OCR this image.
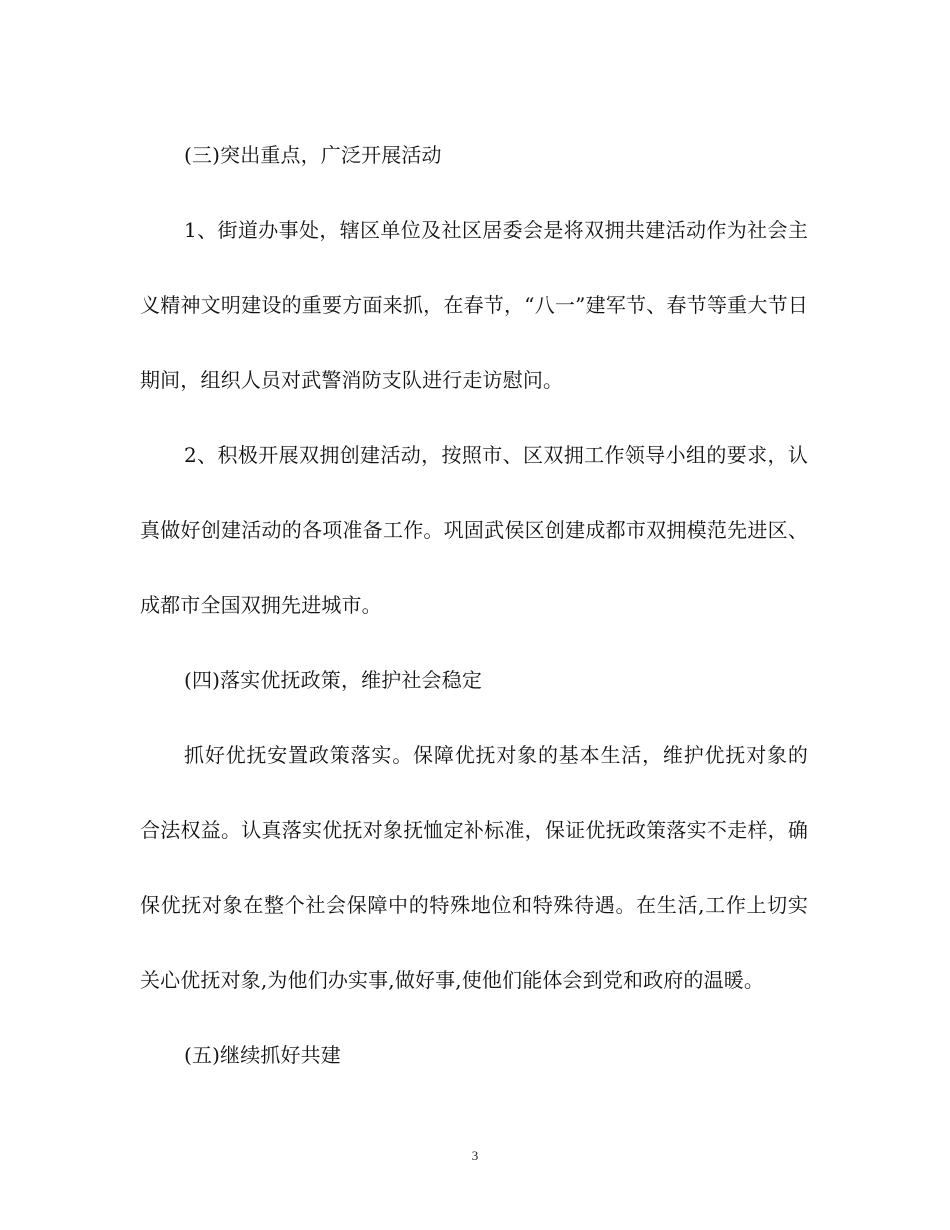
(三)突出重点，广泛开展活动

1、街道办事处，辖区单位及社区居委会是将双拥共建活动作为社会主义精神文明建设的重要方面来抓，在春节，“八一”建军节、春节等重大节日期间，组织人员对武警消防支队进行走访慰问。

2、积极开展双拥创建活动，按照市、区双拥工作领导小组的要求，认真做好创建活动的各项准备工作。巩固武侯区创建成都市双拥模范先进区、成都市全国双拥先进城市。

(四)落实优抚政策，维护社会稳定

抓好优抚安置政策落实。保障优抚对象的基本生活，维护优抚对象的合法权益。认真落实优抚对象抚恤定补标准，保证优抚政策落实不走样，确保优抚对象在整个社会保障中的特殊地位和特殊待遇。在生活,工作上切实关心优抚对象,为他们办实事,做好事,使他们能体会到党和政府的温暖。

(五)继续抓好共建

3
